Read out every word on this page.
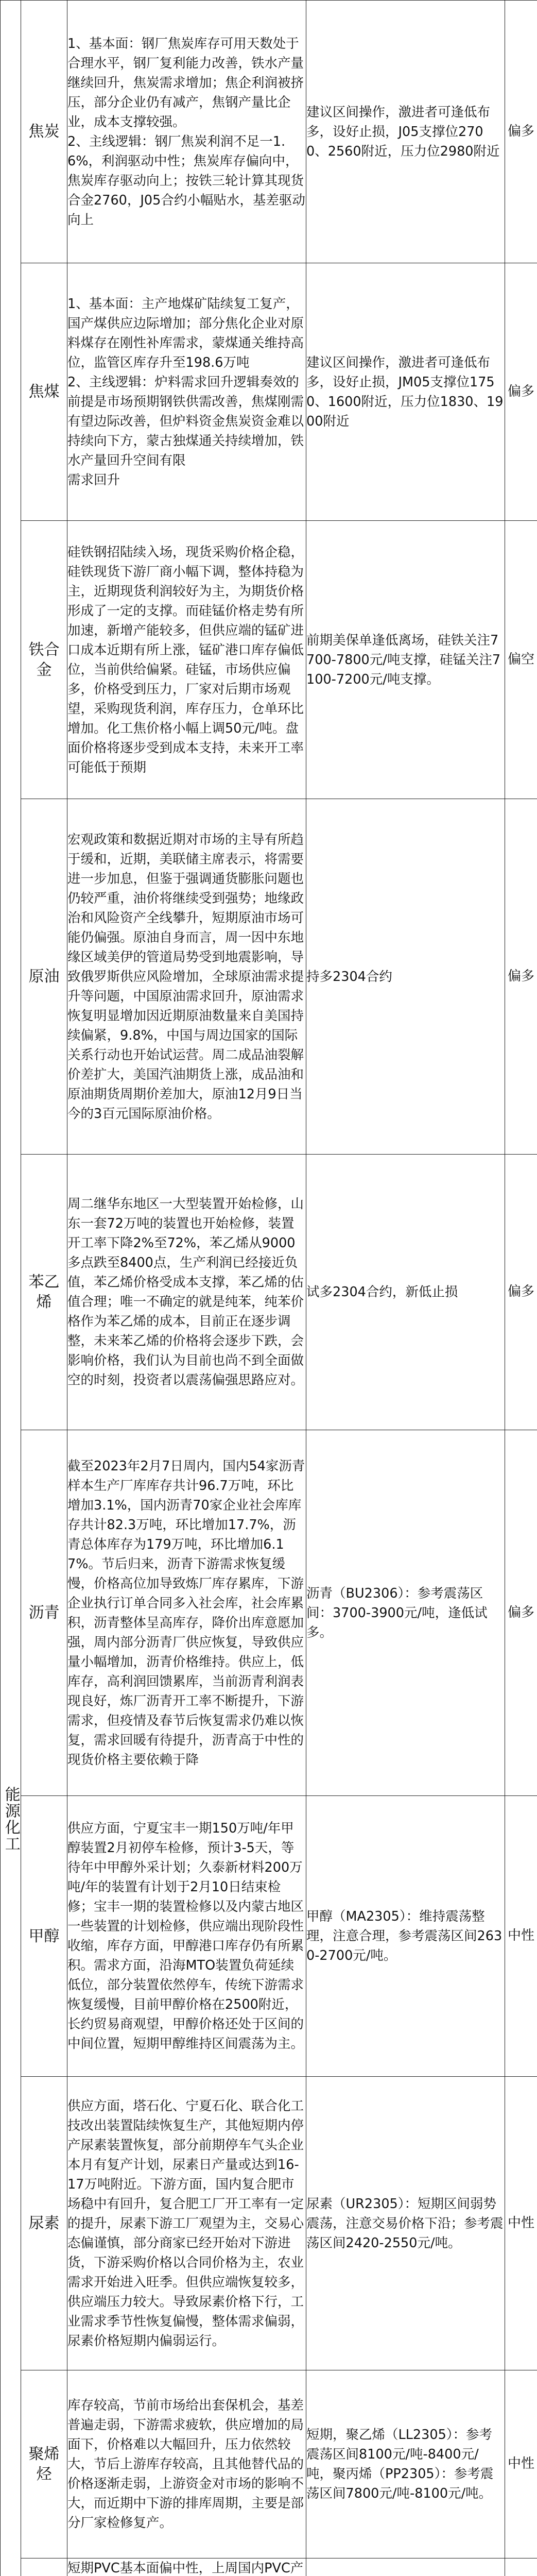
能源化工	焦炭	1、基本面：钢厂焦炭库存可用天数处于合理水平，钢厂复利能力改善，铁水产量继续回升，焦炭需求增加；焦企利润被挤压，部分企业仍有减产，焦钢产量比企业，成本支撑较强。
2、主线逻辑：钢厂焦炭利润不足一1.6%，利润驱动中性；焦炭库存偏向中，焦炭库存驱动向上；按铁三轮计算其现货合金2760，J05合约小幅贴水，基差驱动向上	建议区间操作，激进者可逢低布多，设好止损，J05支撑位2700、2560附近，压力位2980附近	偏多
	焦煤	1、基本面：主产地煤矿陆续复工复产，国产煤供应边际增加；部分焦化企业对原料煤存在刚性补库需求，蒙煤通关维持高位，监管区库存升至198.6万吨
2、主线逻辑：炉料需求回升逻辑奏效的前提是市场预期钢铁供需改善，焦煤刚需有望边际改善，但炉料资金焦炭资金难以持续向下方，蒙古独煤通关持续增加，铁水产量回升空间有限
需求回升	建议区间操作，激进者可逢低布多，设好止损，JM05支撑位1750、1600附近，压力位1830、1900附近	偏多
	铁合金	硅铁钢招陆续入场，现货采购价格企稳，硅铁现货下游厂商小幅下调，整体持稳为主，近期现货利润较好为主，为期货价格形成了一定的支撑。而硅锰价格走势有所加速，新增产能较多，但供应端的锰矿进口成本近期有所上涨，锰矿港口库存偏低位，当前供给偏紧。硅锰，市场供应偏多，价格受到压力，厂家对后期市场观望，采购现货利润，库存压力，仓单环比增加。化工焦价格小幅上调50元/吨。盘面价格将逐步受到成本支持，未来开工率可能低于预期	前期美保单逢低离场，硅铁关注7700-7800元/吨支撑，硅锰关注7100-7200元/吨支撑。	偏空
	原油	宏观政策和数据近期对市场的主导有所趋于缓和，近期，美联储主席表示，将需要进一步加息，但鉴于强调通货膨胀问题也仍较严重，油价将继续受到强势；地缘政治和风险资产全线攀升，短期原油市场可能仍偏强。原油自身而言，周一因中东地缘区域美伊的管道局势受到地震影响，导致俄罗斯供应风险增加，全球原油需求提升等问题，中国原油需求回升，原油需求恢复明显增加因近期原油数量来自美国持续偏紧，9.8%，中国与周边国家的国际关系行动也开始试运营。周二成品油裂解价差扩大，美国汽油期货上涨，成品油和原油期货周期价差加大，原油12月9日当今的3百元国际原油价格。	持多2304合约	偏多
	苯乙烯	周二继华东地区一大型装置开始检修，山东一套72万吨的装置也开始检修，装置开工率下降2%至72%，苯乙烯从9000多点跌至8400点，生产利润已经接近负值，苯乙烯价格受成本支撑，苯乙烯的估值合理；唯一不确定的就是纯苯，纯苯价格作为苯乙烯的成本，目前正在逐步调整，未来苯乙烯的价格将会逐步下跌，会影响价格，我们认为目前也尚不到全面做空的时刻，投资者以震荡偏强思路应对。	试多2304合约，新低止损	偏多
	沥青	截至2023年2月7日周内，国内54家沥青样本生产厂库库存共计96.7万吨，环比增加3.1%，国内沥青70家企业社会库库存共计82.3万吨，环比增加17.7%，沥青总体库存为179万吨，环比增加6.17%。节后归来，沥青下游需求恢复缓慢，价格高位加导致炼厂库存累库，下游企业执行订单合同多入社会库，社会库累积，沥青整体呈高库存，降价出库意愿加强，周内部分沥青厂供应恢复，导致供应量小幅增加，沥青价格维持。供应上，低库存，高利润回馈累库，当前沥青利润表现良好，炼厂沥青开工率不断提升，下游需求，但疫情及春节后恢复需求仍难以恢复，需求回暖有待提升，沥青高于中性的现货价格主要依赖于降	沥青（BU2306）：参考震荡区间：3700-3900元/吨，逢低试多。	偏多
	甲醇	供应方面，宁夏宝丰一期150万吨/年甲醇装置2月初停车检修，预计3-5天，等待年中甲醇外采计划；久泰新材料200万吨/年的装置有计划于2月10日结束检修；宝丰一期的装置检修以及内蒙古地区一些装置的计划检修，供应端出现阶段性收缩，库存方面，甲醇港口库存仍有所累积。需求方面，沿海MTO装置负荷延续低位，部分装置依然停车，传统下游需求恢复缓慢，目前甲醇价格在2500附近，长约贸易商观望，甲醇价格还处于区间的中间位置，短期甲醇维持区间震荡为主。	甲醇（MA2305）：维持震荡整理，注意合理，参考震荡区间2630-2700元/吨。	中性
	尿素	供应方面，塔石化、宁夏石化、联合化工技改出装置陆续恢复生产，其他短期内停产尿素装置恢复，部分前期停车气头企业本月有复产计划，尿素日产量或达到16-17万吨附近。下游方面，国内复合肥市场稳中有回升，复合肥工厂开工率有一定的提升，尿素下游工厂观望为主，交易心态偏谨慎，部分商家已经开始对下游进货，下游采购价格以合同价格为主，农业需求开始进入旺季。但供应端恢复较多，供应端压力较大。导致尿素价格下行，工业需求季节性恢复偏慢，整体需求偏弱，尿素价格短期内偏弱运行。	尿素（UR2305）：短期区间弱势震荡，注意交易价格下沿；参考震荡区间2420-2550元/吨。	中性
	聚烯烃	库存较高，节前市场给出套保机会，基差普遍走弱，下游需求疲软，供应增加的局面下，价格难以大幅回升，压力依然较大，节后上游库存较高，且其他替代品的价格逐渐走弱，上游资金对市场的影响不大，而近期中下游的排库周期，主要是部分厂家检修复产。	短期，聚乙烯（LL2305）：参考震荡区间8100元/吨-8400元/吨，聚丙烯（PP2305）：参考震荡区间7800元/吨-8100元/吨。	中性
	短期PVC基本面偏中性，上周国内PVC产		
